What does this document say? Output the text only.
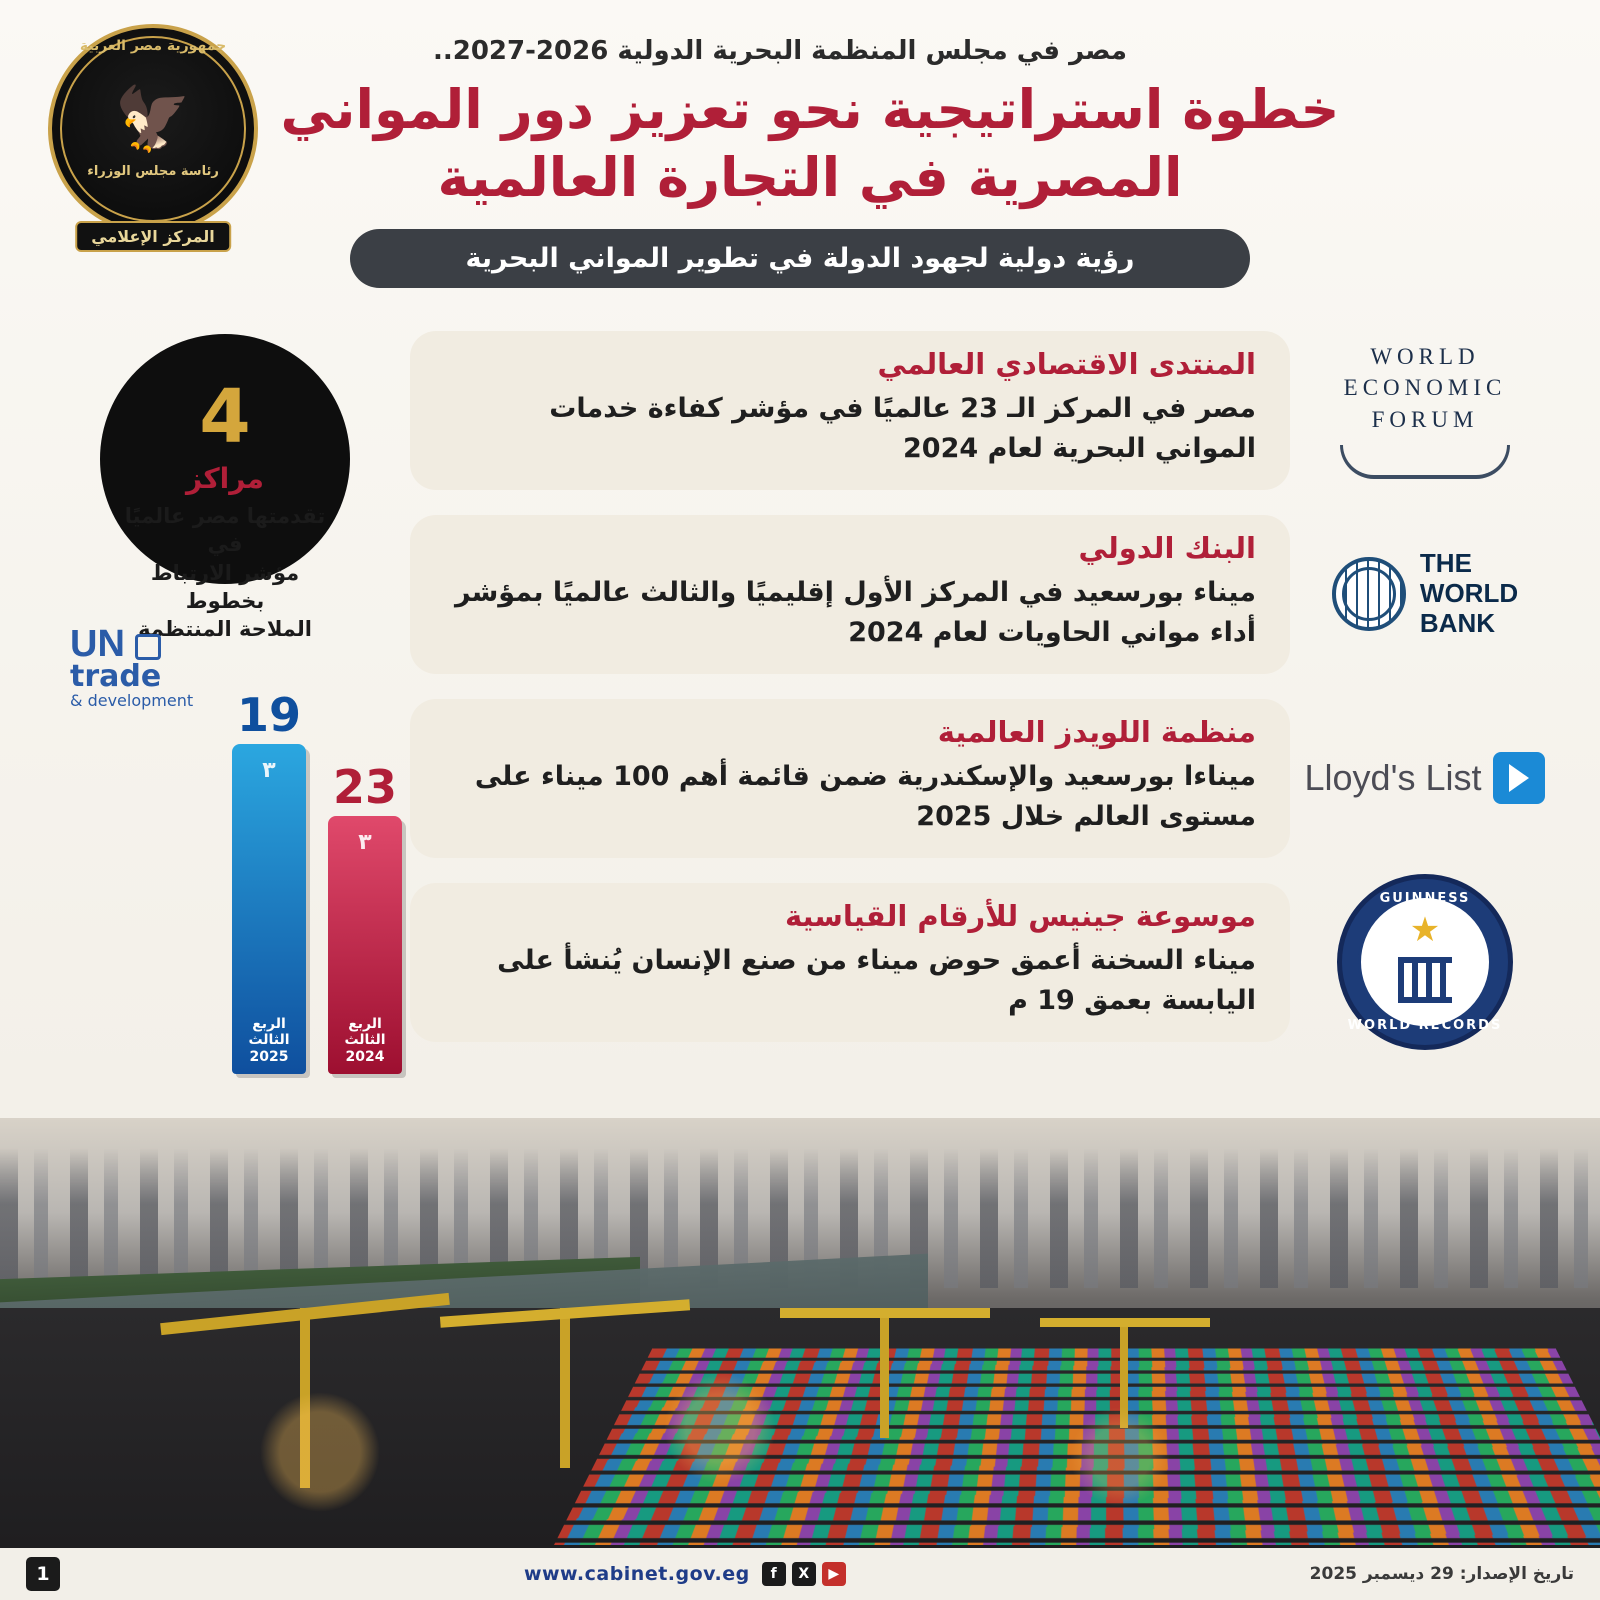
جمهورية مصر العربية
🦅
رئاسة مجلس الوزراء
المركز الإعلامي
مصر في مجلس المنظمة البحرية الدولية 2026-2027..
خطوة استراتيجية نحو تعزيز دور المواني
المصرية في التجارة العالمية
رؤية دولية لجهود الدولة في تطوير المواني البحرية
WORLD
ECONOMIC
FORUM
المنتدى الاقتصادي العالمي

مصر في المركز الـ 23 عالميًا في مؤشر كفاءة خدمات المواني البحرية لعام 2024

THE
WORLD
BANK
البنك الدولي

ميناء بورسعيد في المركز الأول إقليميًا والثالث عالميًا بمؤشر أداء مواني الحاويات لعام 2024

Lloyd's List
منظمة اللويدز العالمية

ميناءا بورسعيد والإسكندرية ضمن قائمة أهم 100 ميناء على مستوى العالم خلال 2025

GUINNESS
★
WORLD RECORDS
موسوعة جينيس للأرقام القياسية

ميناء السخنة أعمق حوض ميناء من صنع الإنسان يُنشأ على اليابسة بعمق 19 م

4
مراكز
تقدمتها مصر عالميًا في
مؤشر الارتباط بخطوط
الملاحة المنتظمة
UN
trade
& development 19
٣
الربع الثالث
2025
23
٣
الربع الثالث
2024
تاريخ الإصدار: 29 ديسمبر 2025
www.cabinet.gov.eg	f	X	▶
1
